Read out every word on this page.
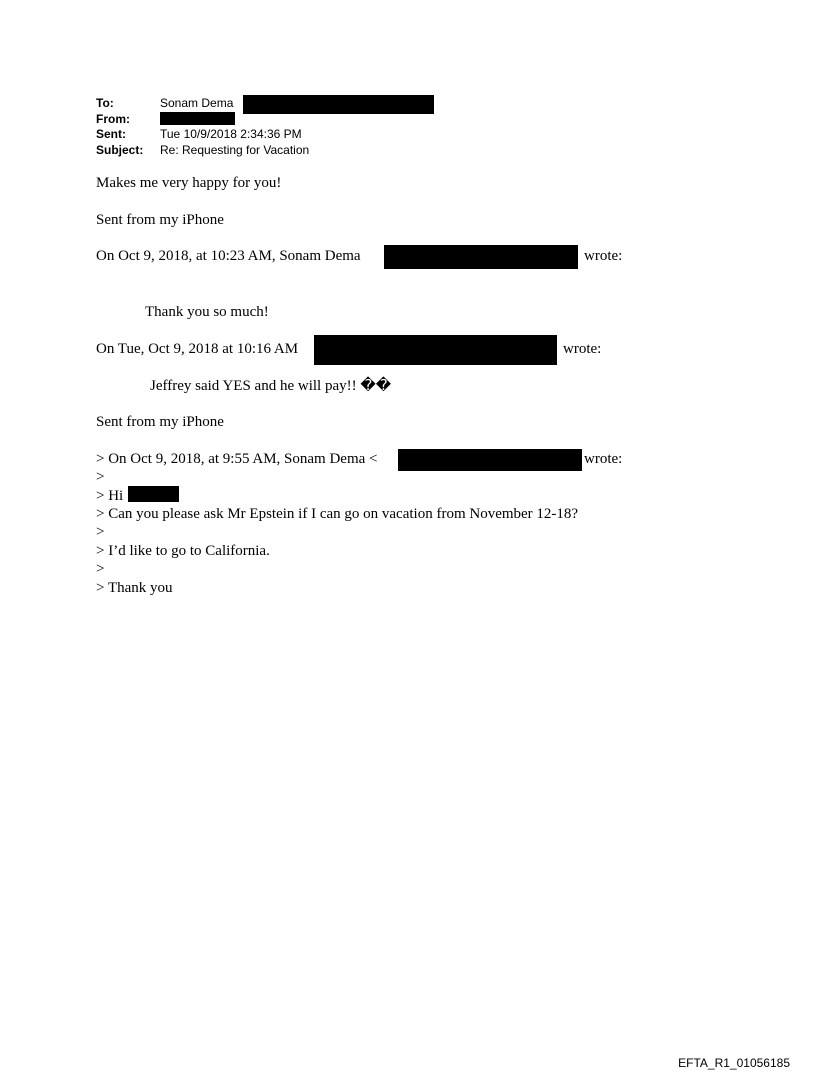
To:	Sonam Dema
From:
Sent:	Tue 10/9/2018 2:34:36 PM
Subject: Re: Requesting for Vacation
Makes me very happy for you!
Sent from my iPhone
On Oct 9, 2018, at 10:23 AM, Sonam Dema	wrote:
Thank you so much!
On Tue, Oct 9, 2018 at 10:16 AM	wrote:
Jeffrey said YES and he will pay!! ��
Sent from my iPhone
> On Oct 9, 2018, at 9:55 AM, Sonam Dema <	wrote:
>
> Hi
> Can you please ask Mr Epstein if I can go on vacation from November 12-18?
>
> I’d like to go to California.
>
> Thank you
EFTA_R1_01056185
